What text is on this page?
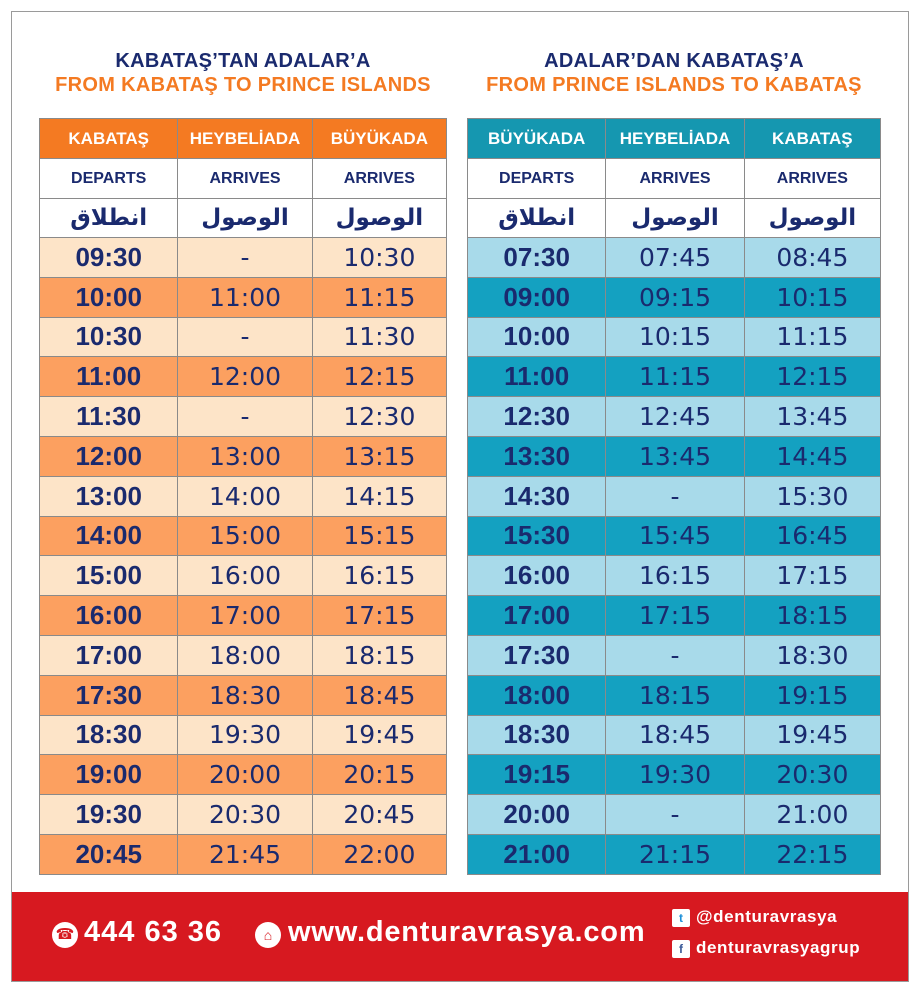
KABATAŞ’TAN ADALAR’A
FROM KABATAŞ TO PRINCE ISLANDS
KABATAŞ	HEYBELİADA	BÜYÜKADA
DEPARTS	ARRIVES	ARRIVES
انطلاق	الوصول	الوصول
09:30	-	10:30
10:00	11:00	11:15
10:30	-	11:30
11:00	12:00	12:15
11:30	-	12:30
12:00	13:00	13:15
13:00	14:00	14:15
14:00	15:00	15:15
15:00	16:00	16:15
16:00	17:00	17:15
17:00	18:00	18:15
17:30	18:30	18:45
18:30	19:30	19:45
19:00	20:00	20:15
19:30	20:30	20:45
20:45	21:45	22:00
ADALAR’DAN KABATAŞ’A
FROM PRINCE ISLANDS TO KABATAŞ
BÜYÜKADA	HEYBELİADA	KABATAŞ
DEPARTS	ARRIVES	ARRIVES
انطلاق	الوصول	الوصول
07:30	07:45	08:45
09:00	09:15	10:15
10:00	10:15	11:15
11:00	11:15	12:15
12:30	12:45	13:45
13:30	13:45	14:45
14:30	-	15:30
15:30	15:45	16:45
16:00	16:15	17:15
17:00	17:15	18:15
17:30	-	18:30
18:00	18:15	19:15
18:30	18:45	19:45
19:15	19:30	20:30
20:00	-	21:00
21:00	21:15	22:15
☎ 444 63 36	⌂ www.denturavrasya.com	t @denturavrasya
f denturavrasyagrup
